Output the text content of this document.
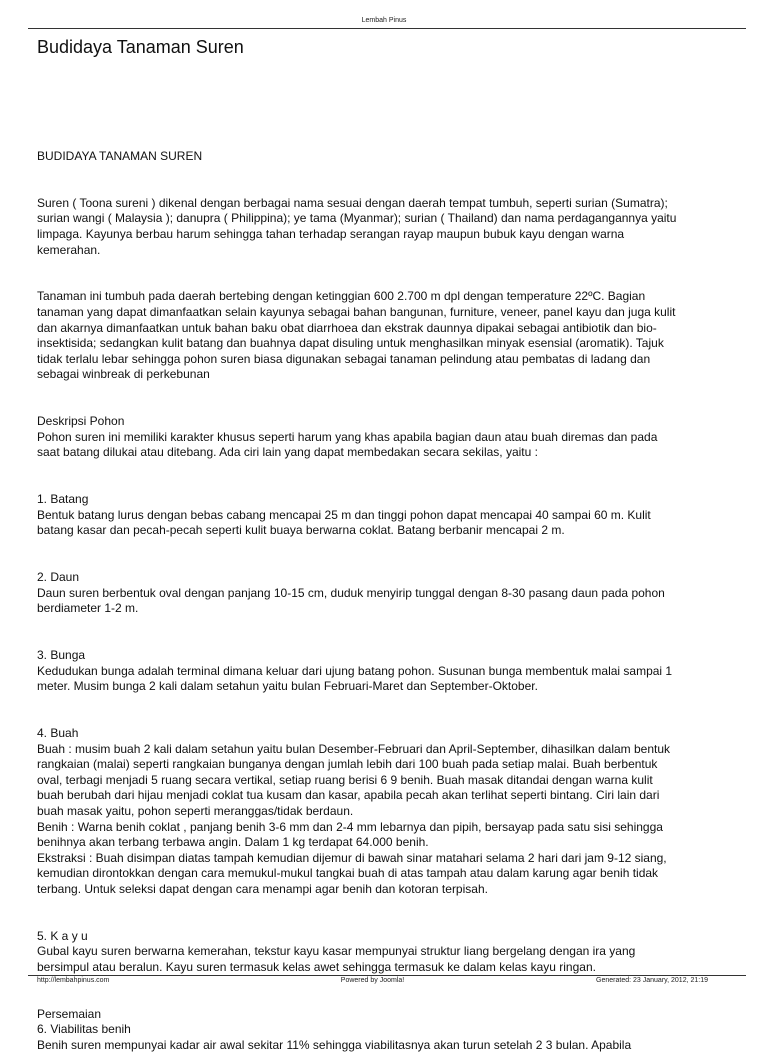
Lembah Pinus
Budidaya Tanaman Suren
BUDIDAYA TANAMAN SUREN
Suren ( Toona sureni ) dikenal dengan berbagai nama sesuai dengan daerah tempat tumbuh, seperti surian (Sumatra);
surian wangi ( Malaysia ); danupra ( Philippina); ye tama (Myanmar); surian ( Thailand) dan nama perdagangannya yaitu
limpaga. Kayunya berbau harum sehingga tahan terhadap serangan rayap maupun bubuk kayu dengan warna
kemerahan.
Tanaman ini tumbuh pada daerah bertebing dengan ketinggian 600 2.700 m dpl dengan temperature 22ºC. Bagian
tanaman yang dapat dimanfaatkan selain kayunya sebagai bahan bangunan, furniture, veneer, panel kayu dan juga kulit
dan akarnya dimanfaatkan untuk bahan baku obat diarrhoea dan ekstrak daunnya dipakai sebagai antibiotik dan bio-
insektisida; sedangkan kulit batang dan buahnya dapat disuling untuk menghasilkan minyak esensial (aromatik). Tajuk
tidak terlalu lebar sehingga pohon suren biasa digunakan sebagai tanaman pelindung atau pembatas di ladang dan
sebagai winbreak di perkebunan
Deskripsi Pohon
Pohon suren ini memiliki karakter khusus seperti harum yang khas apabila bagian daun atau buah diremas dan pada
saat batang dilukai atau ditebang. Ada ciri lain yang dapat membedakan secara sekilas, yaitu :
1. Batang
Bentuk batang lurus dengan bebas cabang mencapai 25 m dan tinggi pohon dapat mencapai 40 sampai 60 m. Kulit
batang kasar dan pecah-pecah seperti kulit buaya berwarna coklat. Batang berbanir mencapai 2 m.
2. Daun
Daun suren berbentuk oval dengan panjang 10-15 cm, duduk menyirip tunggal dengan 8-30 pasang daun pada pohon
berdiameter 1-2 m.
3. Bunga
Kedudukan bunga adalah terminal dimana keluar dari ujung batang pohon. Susunan bunga membentuk malai sampai 1
meter. Musim bunga 2 kali dalam setahun yaitu bulan Februari-Maret dan September-Oktober.
4. Buah
Buah : musim buah 2 kali dalam setahun yaitu bulan Desember-Februari dan April-September, dihasilkan dalam bentuk
rangkaian (malai) seperti rangkaian bunganya dengan jumlah lebih dari 100 buah pada setiap malai. Buah berbentuk
oval, terbagi menjadi 5 ruang secara vertikal, setiap ruang berisi 6 9 benih. Buah masak ditandai dengan warna kulit
buah berubah dari hijau menjadi coklat tua kusam dan kasar, apabila pecah akan terlihat seperti bintang. Ciri lain dari
buah masak yaitu, pohon seperti meranggas/tidak berdaun.
Benih : Warna benih coklat , panjang benih 3-6 mm dan 2-4 mm lebarnya dan pipih, bersayap pada satu sisi sehingga
benihnya akan terbang terbawa angin. Dalam 1 kg terdapat 64.000 benih.
Ekstraksi : Buah disimpan diatas tampah kemudian dijemur di bawah sinar matahari selama 2 hari dari jam 9-12 siang,
kemudian dirontokkan dengan cara memukul-mukul tangkai buah di atas tampah atau dalam karung agar benih tidak
terbang. Untuk seleksi dapat dengan cara menampi agar benih dan kotoran terpisah.
5. K a y u
Gubal kayu suren berwarna kemerahan, tekstur kayu kasar mempunyai struktur liang bergelang dengan ira yang
bersimpul atau beralun. Kayu suren termasuk kelas awet sehingga termasuk ke dalam kelas kayu ringan.
Persemaian
6. Viabilitas benih
Benih suren mempunyai kadar air awal sekitar 11% sehingga viabilitasnya akan turun setelah 2 3 bulan. Apabila
http://lembahpinus.com	Powered by Joomla!	Generated: 23 January, 2012, 21:19
